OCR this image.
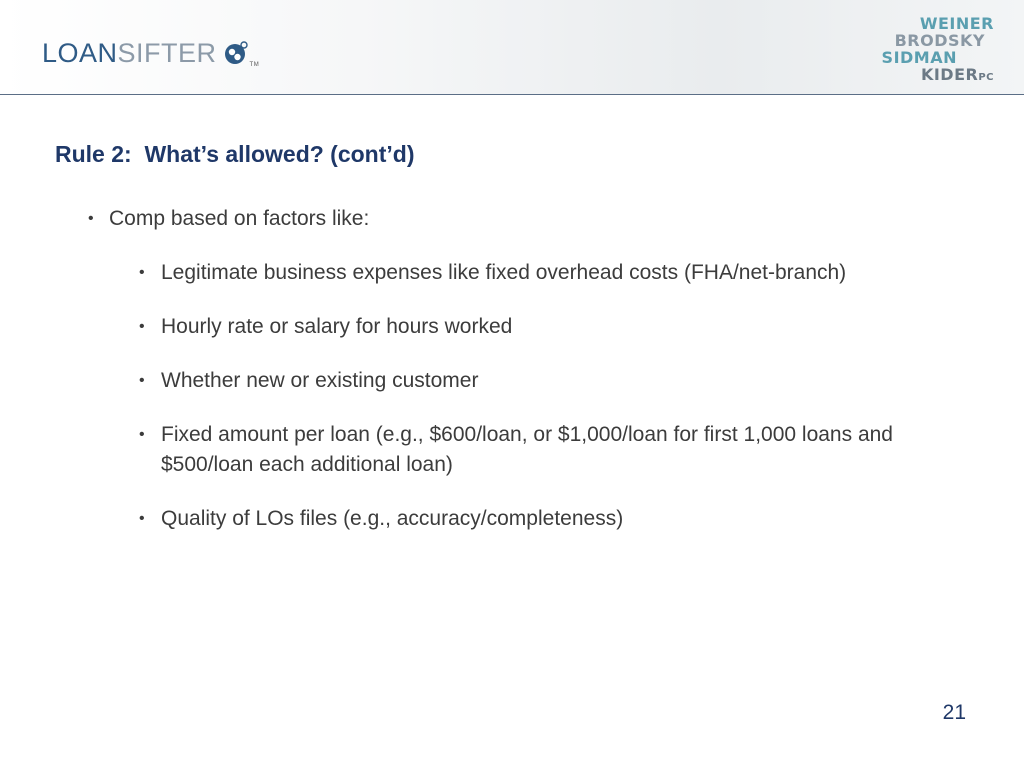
LOAN SIFTER	TM
WEINER
BRODSKY
SIDMAN
KIDERPC
Rule 2:  What’s allowed? (cont’d)
• Comp based on factors like:
• Legitimate business expenses like fixed overhead costs (FHA/net-branch)
• Hourly rate or salary for hours worked
• Whether new or existing customer
• Fixed amount per loan (e.g., $600/loan, or $1,000/loan for first 1,000 loans and $500/loan each additional loan)
• Quality of LOs files (e.g., accuracy/completeness)
21
